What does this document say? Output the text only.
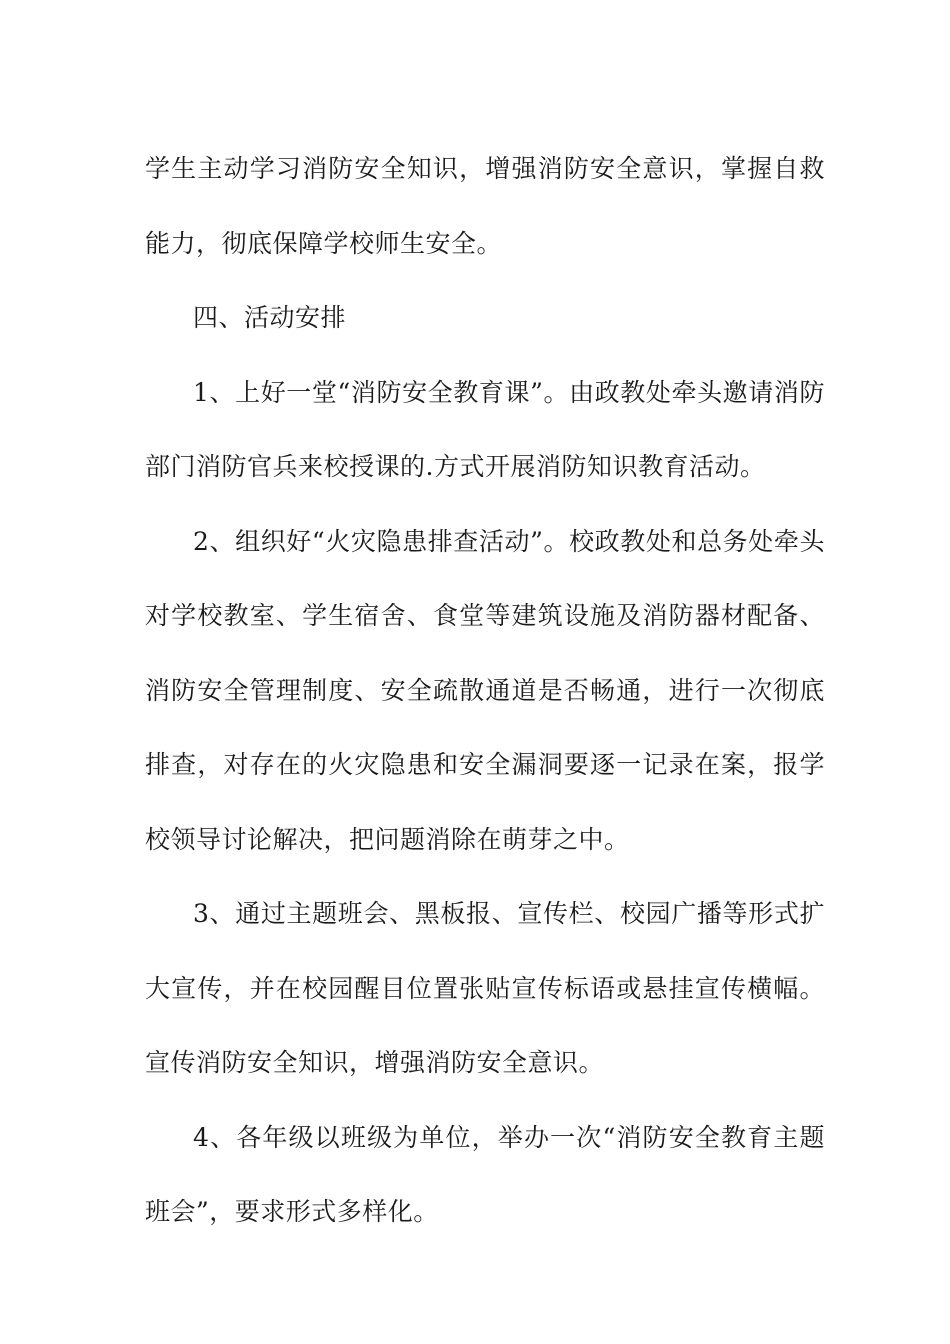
学生主动学习消防安全知识，增强消防安全意识，掌握自救能力，彻底保障学校师生安全。

四、活动安排

1、上好一堂“消防安全教育课”。由政教处牵头邀请消防部门消防官兵来校授课的.方式开展消防知识教育活动。

2、组织好“火灾隐患排查活动”。校政教处和总务处牵头对学校教室、学生宿舍、食堂等建筑设施及消防器材配备、消防安全管理制度、安全疏散通道是否畅通，进行一次彻底排查，对存在的火灾隐患和安全漏洞要逐一记录在案，报学校领导讨论解决，把问题消除在萌芽之中。

3、通过主题班会、黑板报、宣传栏、校园广播等形式扩大宣传，并在校园醒目位置张贴宣传标语或悬挂宣传横幅。宣传消防安全知识，增强消防安全意识。

4、各年级以班级为单位，举办一次“消防安全教育主题班会”，要求形式多样化。
